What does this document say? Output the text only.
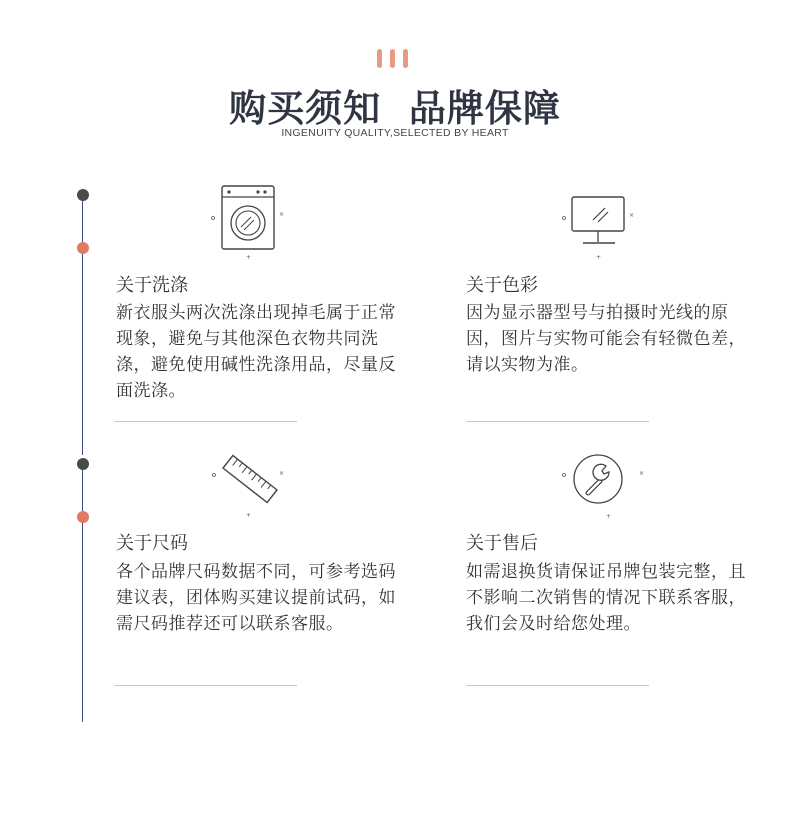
购买须知  品牌保障
INGENUITY QUALITY,SELECTED BY HEART
×
+
关于洗涤
新衣服头两次洗涤出现掉毛属于正常现象，避免与其他深色衣物共同洗涤，避免使用碱性洗涤用品，尽量反面洗涤。
×
+
关于色彩
因为显示器型号与拍摄时光线的原因，图片与实物可能会有轻微色差，请以实物为准。
×
+
关于尺码
各个品牌尺码数据不同，可参考选码建议表，团体购买建议提前试码，如需尺码推荐还可以联系客服。
×
+
关于售后
如需退换货请保证吊牌包装完整，且不影响二次销售的情况下联系客服，我们会及时给您处理。
